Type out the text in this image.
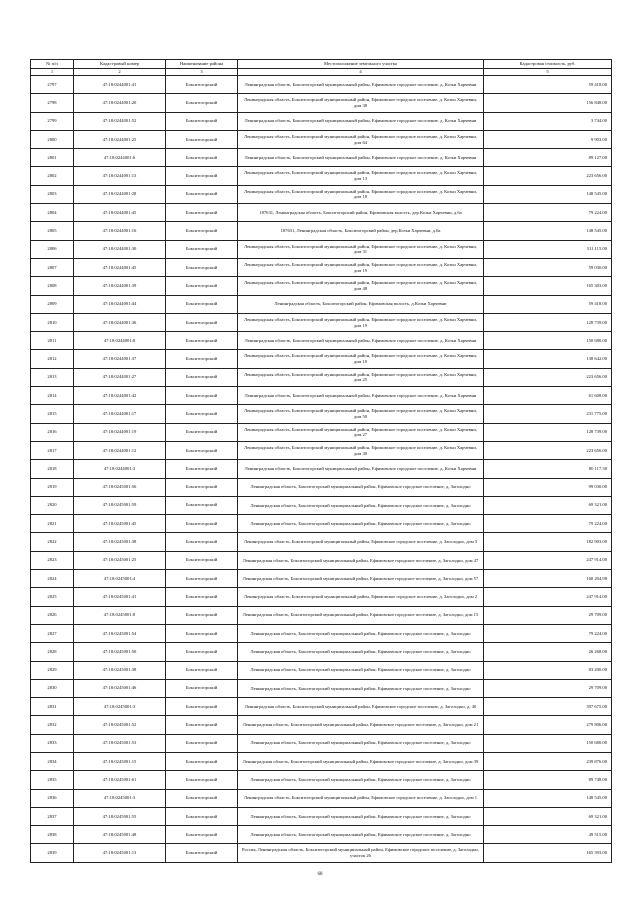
№ п/п	Кадастровый номер	Наименование района	Местоположение земельного участка	Кадастровая стоимость, руб.
1	2	3	4	5
2797	47:18:0244001:41	Бокситогорский	Ленинградская область, Бокситогорский муниципальный район, Ефимовское городское поселение, д. Козьи Харчевни	59 418.00
2798	47:18:0244001:20	Бокситогорский	Ленинградская область, Бокситогорский муниципальный район, Ефимовское городское поселение, д. Козьи Харчевни, дом 38	156 848.00
2799	47:18:0244001:52	Бокситогорский	Ленинградская область, Бокситогорский муниципальный район, Ефимовское городское поселение, д. Козьи Харчевни	3 744.00
2800	47:18:0244001:25	Бокситогорский	Ленинградская область, Бокситогорский муниципальный район, Ефимовское городское поселение, д. Козьи Харчевни, дом 64	9 903.00
2801	47:18:0244001:6	Бокситогорский	Ленинградская область, Бокситогорский муниципальный район, Ефимовское городское поселение, д. Козьи Харчевни	89 127.00
2802	47:18:0244001:13	Бокситогорский	Ленинградская область, Бокситогорский муниципальный район, Ефимовское городское поселение, д. Козьи Харчевни, дом 13	223 656.00
2803	47:18:0244001:28	Бокситогорский	Ленинградская область, Бокситогорский муниципальный район, Ефимовское городское поселение, д. Козьи Харчевни, дом 18	148 545.00
2804	47:18:0244001:45	Бокситогорский	187631, Ленинградская область, Бокситогорский район, Ефимовская волость, дер.Козьи Харчевни, д.6а	79 224.00
2805	47:18:0244001:16	Бокситогорский	187631, Ленинградская область, Бокситогорский район, дер.Козьи Харчевни, д.6а	148 545.00
2806	47:18:0244001:30	Бокситогорский	Ленинградская область, Бокситогорский муниципальный район, Ефимовское городское поселение, д. Козьи Харчевни, дом 31	311 115.00
2807	47:18:0244001:45	Бокситогорский	Ленинградская область, Бокситогорский муниципальный район, Ефимовское городское поселение, д. Козьи Харчевни, дом 19	59 030.00
2808	47:18:0244001:39	Бокситогорский	Ленинградская область, Бокситогорский муниципальный район, Ефимовское городское поселение, д. Козьи Харчевни, дом 48	165 303.00
2809	47:18:0244001:44	Бокситогорский	Ленинградская область, Бокситогорский район, Ефимовская волость, д.Козьи Харчевни	59 418.00
2810	47:18:0244001:36	Бокситогорский	Ленинградская область, Бокситогорский муниципальный район, Ефимовское городское поселение, д. Козьи Харчевни, дом 19	128 739.00
2811	47:18:0244001:8	Бокситогорский	Ленинградская область, Бокситогорский муниципальный район, Ефимовское городское поселение, д. Козьи Харчевни	150 680.00
2812	47:18:0244001:37	Бокситогорский	Ленинградская область, Бокситогорский муниципальный район, Ефимовское городское поселение, д. Козьи Харчевни, дом 10	138 642.00
2813	47:18:0244001:27	Бокситогорский	Ленинградская область, Бокситогорский муниципальный район, Ефимовское городское поселение, д. Козьи Харчевни, дом 25	223 656.00
2814	47:18:0244001:42	Бокситогорский	Ленинградская область, Бокситогорский муниципальный район, Ефимовское городское поселение, д. Козьи Харчевни	61 608.00
2815	47:18:0244001:17	Бокситогорский	Ленинградская область, Бокситогорский муниципальный район, Ефимовское городское поселение, д. Козьи Харчевни, дом 50	231 775.00
2816	47:18:0244001:19	Бокситогорский	Ленинградская область, Бокситогорский муниципальный район, Ефимовское городское поселение, д. Козьи Харчевни, дом 27	128 739.00
2817	47:18:0244001:12	Бокситогорский	Ленинградская область, Бокситогорский муниципальный район, Ефимовское городское поселение, д. Козьи Харчевни, дом 30	223 656.00
2818	47:18:0244001:3	Бокситогорский	Ленинградская область, Бокситогорский муниципальный район, Ефимовское городское поселение, д. Козьи Харчевни	80 117.30
2819	47:18:0245001:56	Бокситогорский	Ленинградская область, Бокситогорский муниципальный район, Ефимовское городское поселение, д. Заголодно	99 030.00
2820	47:18:0245001:59	Бокситогорский	Ленинградская область, Бокситогорский муниципальный район, Ефимовское городское поселение, д. Заголодно	69 321.00
2821	47:18:0245001:45	Бокситогорский	Ленинградская область, Бокситогорский муниципальный район, Ефимовское городское поселение, д. Заголодно	79 224.00
2822	47:18:0245001:38	Бокситогорский	Ленинградская область, Бокситогорский муниципальный район, Ефимовское городское поселение, д. Заголодно, дом 3	182 903.00
2823	47:18:0245001:25	Бокситогорский	Ленинградская область, Бокситогорский муниципальный район, Ефимовское городское поселение, д. Заголодно, дом 47	247 914.00
2824	47:18:0245001:4	Бокситогорский	Ленинградская область, Бокситогорский муниципальный район, Ефимовское городское поселение, д. Заголодно, дом 57	168 204.98
2825	47:18:0245001:41	Бокситогорский	Ленинградская область, Бокситогорский муниципальный район, Ефимовское городское поселение, д. Заголодно, дом 2	247 914.00
2826	47:18:0245001:8	Бокситогорский	Ленинградская область, Бокситогорский муниципальный район, Ефимовское городское поселение, д. Заголодно, дом 15	29 709.00
2827	47:18:0245001:54	Бокситогорский	Ленинградская область, Бокситогорский муниципальный район, Ефимовское городское поселение, д. Заголодно	79 224.00
2828	47:18:0245001:50	Бокситогорский	Ленинградская область, Бокситогорский муниципальный район, Ефимовское городское поселение, д. Заголодно	26 268.00
2829	47:18:0245001:38	Бокситогорский	Ленинградская область, Бокситогорский муниципальный район, Ефимовское городское поселение, д. Заголодно	83 200.00
2830	47:18:0245001:46	Бокситогорский	Ленинградская область, Бокситогорский муниципальный район, Ефимовское городское поселение, д. Заголодно	29 709.00
2831	47:18:0245001:3	Бокситогорский	Ленинградская область, Бокситогорский муниципальный район, Ефимовское городское поселение, д. Заголодно, д. 40	397 675.00
2832	47:18:0245001:52	Бокситогорский	Ленинградская область, Бокситогорский муниципальный район, Ефимовское городское поселение, д. Заголодно, дом 21	279 806.00
2833	47:18:0245001:53	Бокситогорский	Ленинградская область, Бокситогорский муниципальный район, Ефимовское городское поселение, д. Заголодно	150 680.00
2834	47:18:0245001:15	Бокситогорский	Ленинградская область, Бокситогорский муниципальный район, Ефимовское городское поселение, д. Заголодно, дом 39	239 876.00
2835	47:18:0245001:61	Бокситогорский	Ленинградская область, Бокситогорский муниципальный район, Ефимовское городское поселение, д. Заголодно	89 748.00
2836	47:18:0245001:3	Бокситогорский	Ленинградская область, Бокситогорский муниципальный район, Ефимовское городское поселение, д. Заголодно, дом 1	148 545.00
2837	47:18:0245001:55	Бокситогорский	Ленинградская область, Бокситогорский муниципальный район, Ефимовское городское поселение, д. Заголодно	69 321.00
2838	47:18:0245001:48	Бокситогорский	Ленинградская область, Бокситогорский муниципальный район, Ефимовское городское поселение, д. Заголодно	49 515.00
2839	47:18:0245001:13	Бокситогорский	Россия, Ленинградская область, Бокситогорский муниципальный район, Ефимовское городское поселение, д. Заголодно, участок 26	165 393.00
68
